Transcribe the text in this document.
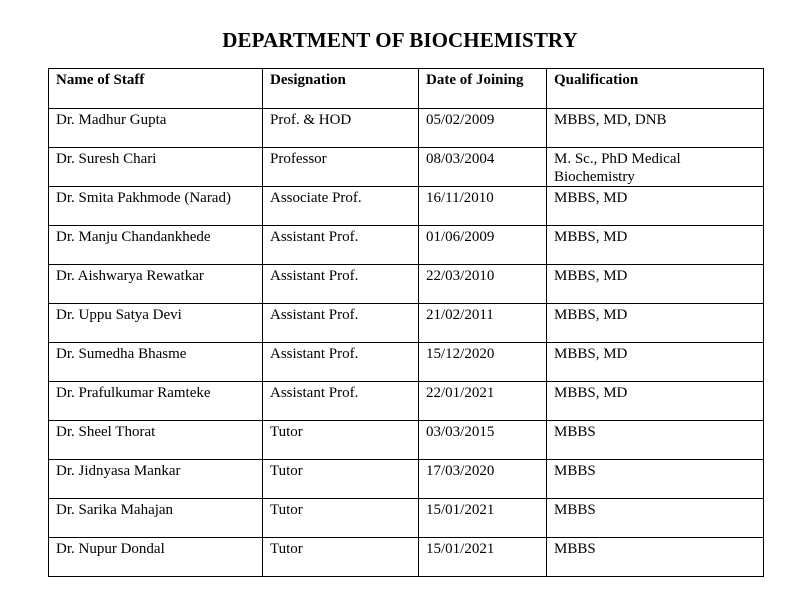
DEPARTMENT OF BIOCHEMISTRY
Name of Staff	Designation	Date of Joining	Qualification
Dr. Madhur Gupta	Prof. & HOD	05/02/2009	MBBS, MD, DNB
Dr. Suresh Chari	Professor	08/03/2004	M. Sc., PhD Medical Biochemistry
Dr. Smita Pakhmode (Narad)	Associate Prof.	16/11/2010	MBBS, MD
Dr. Manju Chandankhede	Assistant Prof.	01/06/2009	MBBS, MD
Dr. Aishwarya Rewatkar	Assistant Prof.	22/03/2010	MBBS, MD
Dr. Uppu Satya Devi	Assistant Prof.	21/02/2011	MBBS, MD
Dr. Sumedha Bhasme	Assistant Prof.	15/12/2020	MBBS, MD
Dr. Prafulkumar Ramteke	Assistant Prof.	22/01/2021	MBBS, MD
Dr. Sheel Thorat	Tutor	03/03/2015	MBBS
Dr. Jidnyasa Mankar	Tutor	17/03/2020	MBBS
Dr. Sarika Mahajan	Tutor	15/01/2021	MBBS
Dr. Nupur Dondal	Tutor	15/01/2021	MBBS
